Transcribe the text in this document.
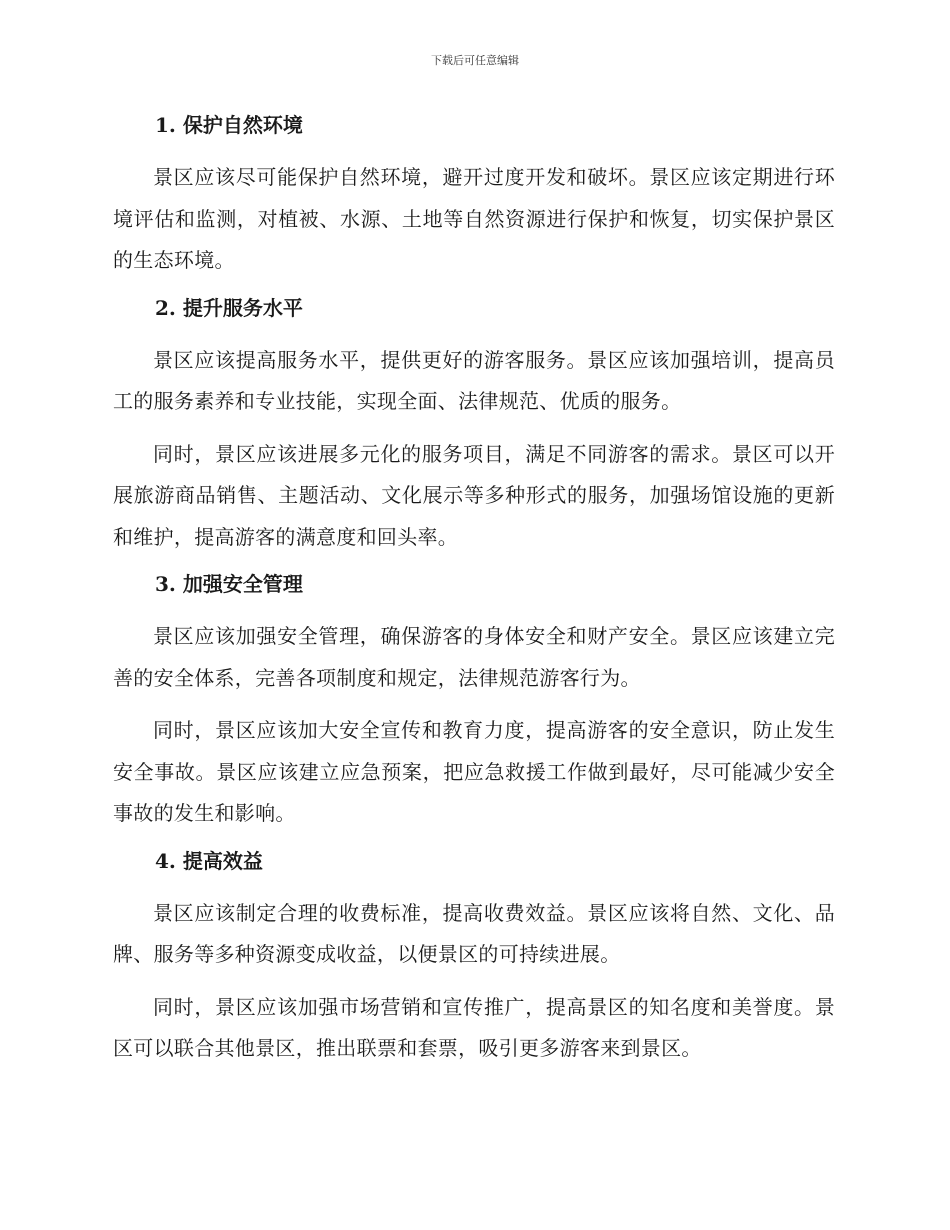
下载后可任意编辑
1. 保护自然环境

景区应该尽可能保护自然环境，避开过度开发和破坏。景区应该定期进行环境评估和监测，对植被、水源、土地等自然资源进行保护和恢复，切实保护景区的生态环境。

2. 提升服务水平

景区应该提高服务水平，提供更好的游客服务。景区应该加强培训，提高员工的服务素养和专业技能，实现全面、法律规范、优质的服务。

同时，景区应该进展多元化的服务项目，满足不同游客的需求。景区可以开展旅游商品销售、主题活动、文化展示等多种形式的服务，加强场馆设施的更新和维护，提高游客的满意度和回头率。

3. 加强安全管理

景区应该加强安全管理，确保游客的身体安全和财产安全。景区应该建立完善的安全体系，完善各项制度和规定，法律规范游客行为。

同时，景区应该加大安全宣传和教育力度，提高游客的安全意识，防止发生安全事故。景区应该建立应急预案，把应急救援工作做到最好，尽可能减少安全事故的发生和影响。

4. 提高效益

景区应该制定合理的收费标准，提高收费效益。景区应该将自然、文化、品牌、服务等多种资源变成收益，以便景区的可持续进展。

同时，景区应该加强市场营销和宣传推广，提高景区的知名度和美誉度。景区可以联合其他景区，推出联票和套票，吸引更多游客来到景区。
